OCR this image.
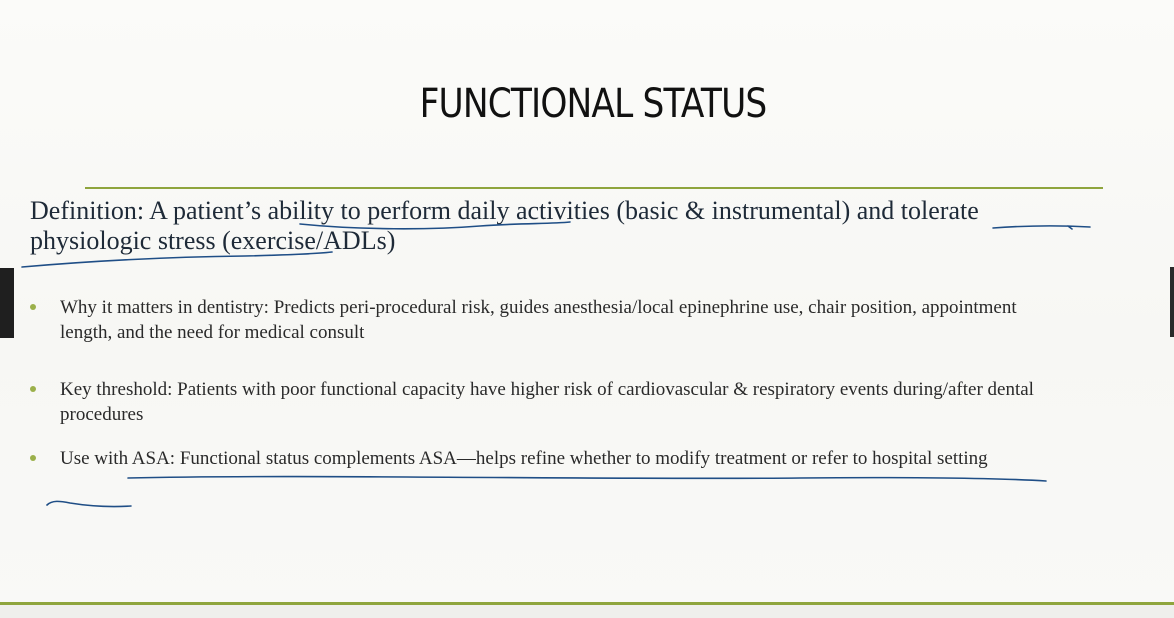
FUNCTIONAL STATUS
Definition: A patient’s ability to perform daily activities (basic & instrumental) and tolerate
physiologic stress (exercise/ADLs)
Why it matters in dentistry: Predicts peri-procedural risk, guides anesthesia/local epinephrine use, chair position, appointment length, and the need for medical consult
Key threshold: Patients with poor functional capacity have higher risk of cardiovascular & respiratory events during/after dental procedures
Use with ASA: Functional status complements ASA—helps refine whether to modify treatment or refer to hospital setting
